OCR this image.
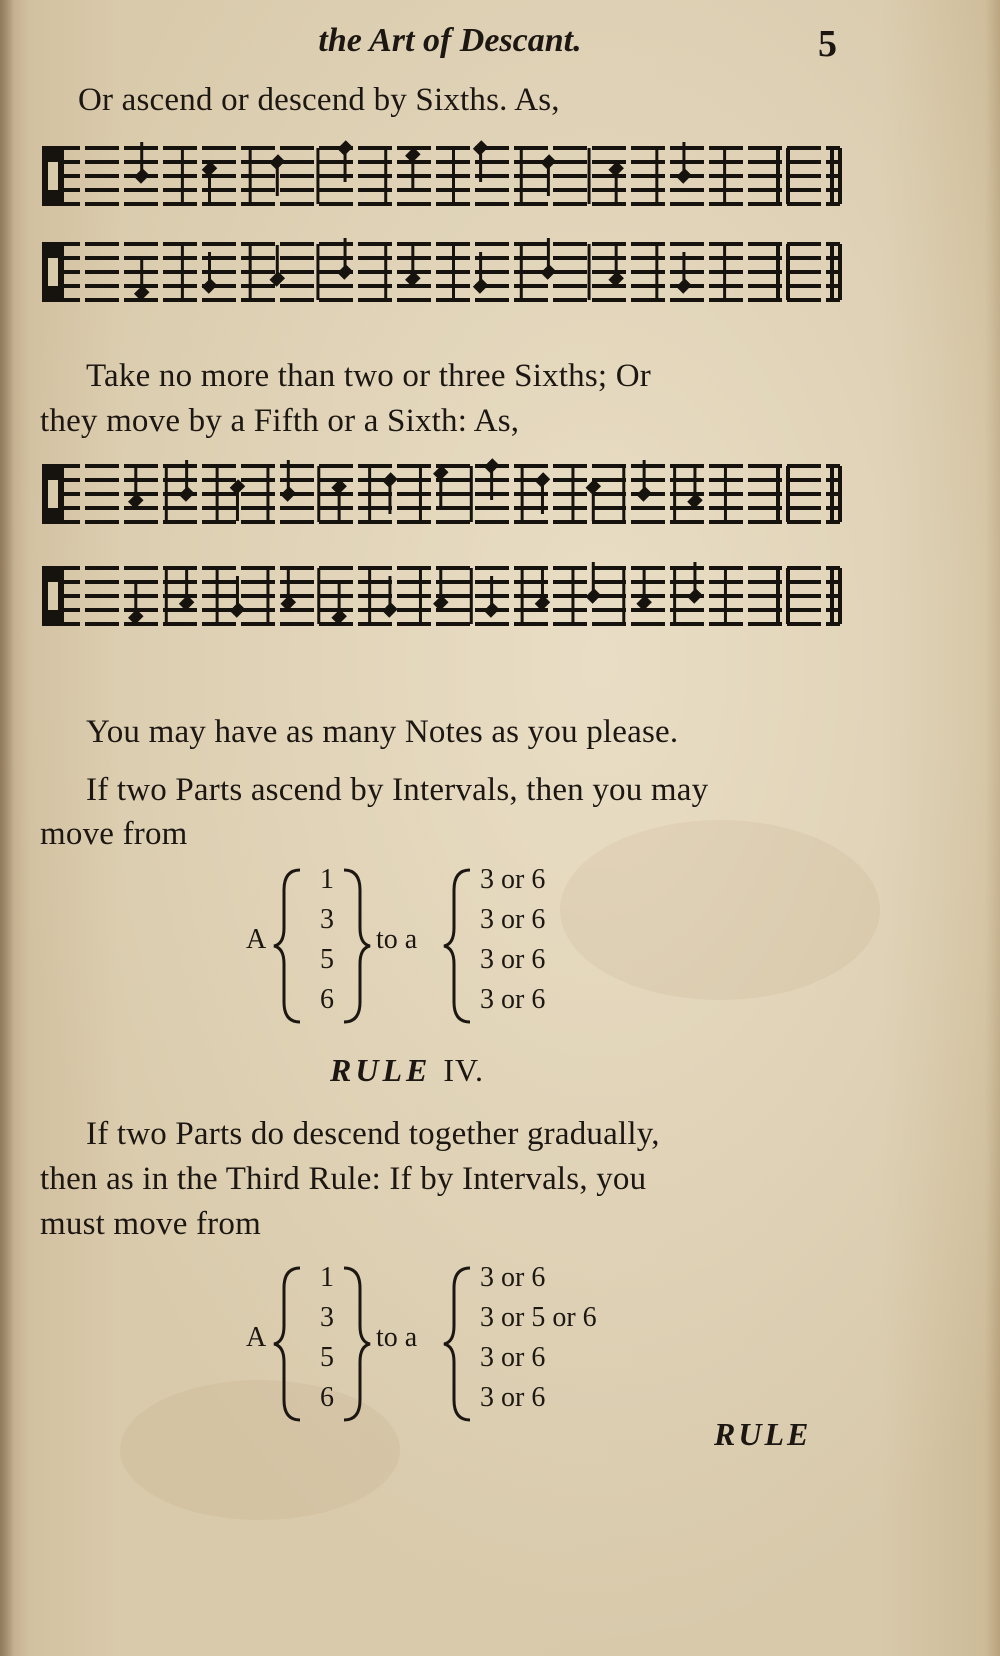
the Art of Descant.	5
Or ascend or descend by Sixths. As,
Take no more than two or three Sixths; Or
they move by a Fifth or a Sixth: As,
You may have as many Notes as you please.
If two Parts ascend by Intervals, then you may
move from
A
1
3
5
6
to a
3 or 6
3 or 6
3 or 6
3 or 6
RULE IV.
If two Parts do descend together gradually,
then as in the Third Rule: If by Intervals, you
must move from
A
1
3
5
6
to a
3 or 6
3 or 5 or 6
3 or 6
3 or 6
RULE
